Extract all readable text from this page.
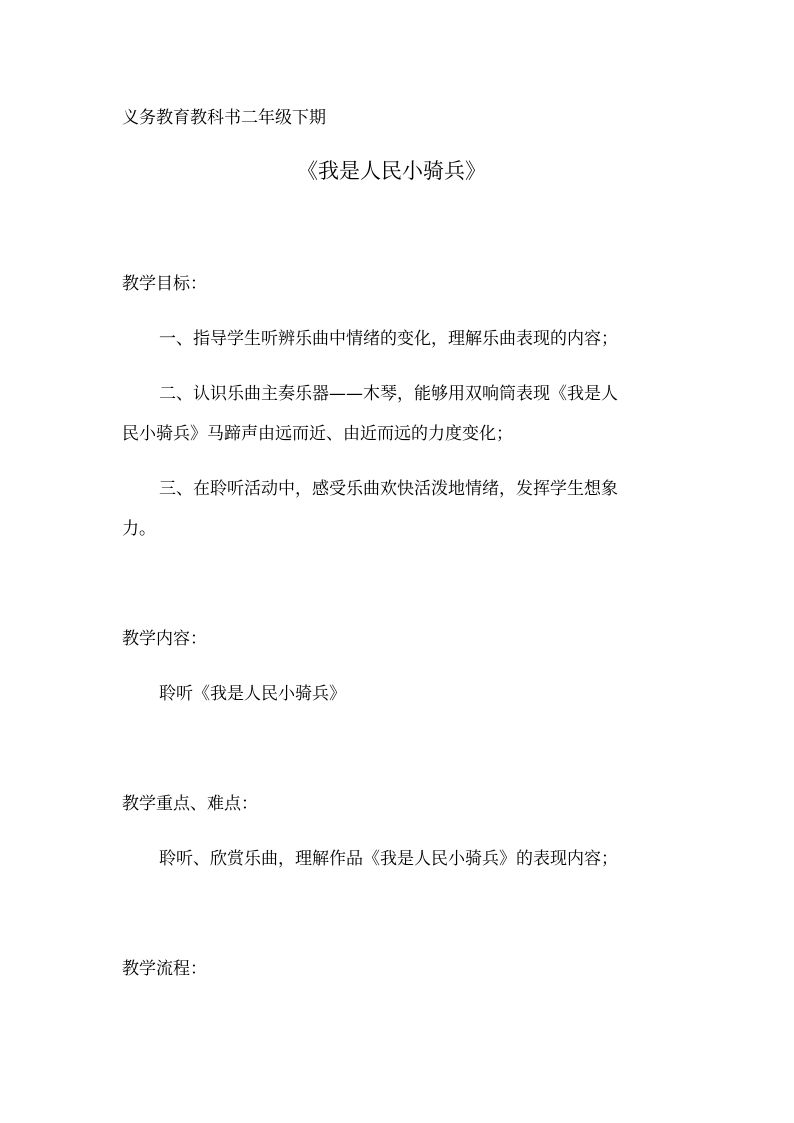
义务教育教科书二年级下期
《我是人民小骑兵》
教学目标：
一、指导学生听辨乐曲中情绪的变化，理解乐曲表现的内容；
二、认识乐曲主奏乐器——木琴，能够用双响筒表现《我是人
民小骑兵》马蹄声由远而近、由近而远的力度变化；
三、在聆听活动中，感受乐曲欢快活泼地情绪，发挥学生想象
力。
教学内容：
聆听《我是人民小骑兵》
教学重点、难点：
聆听、欣赏乐曲，理解作品《我是人民小骑兵》的表现内容；
教学流程：
